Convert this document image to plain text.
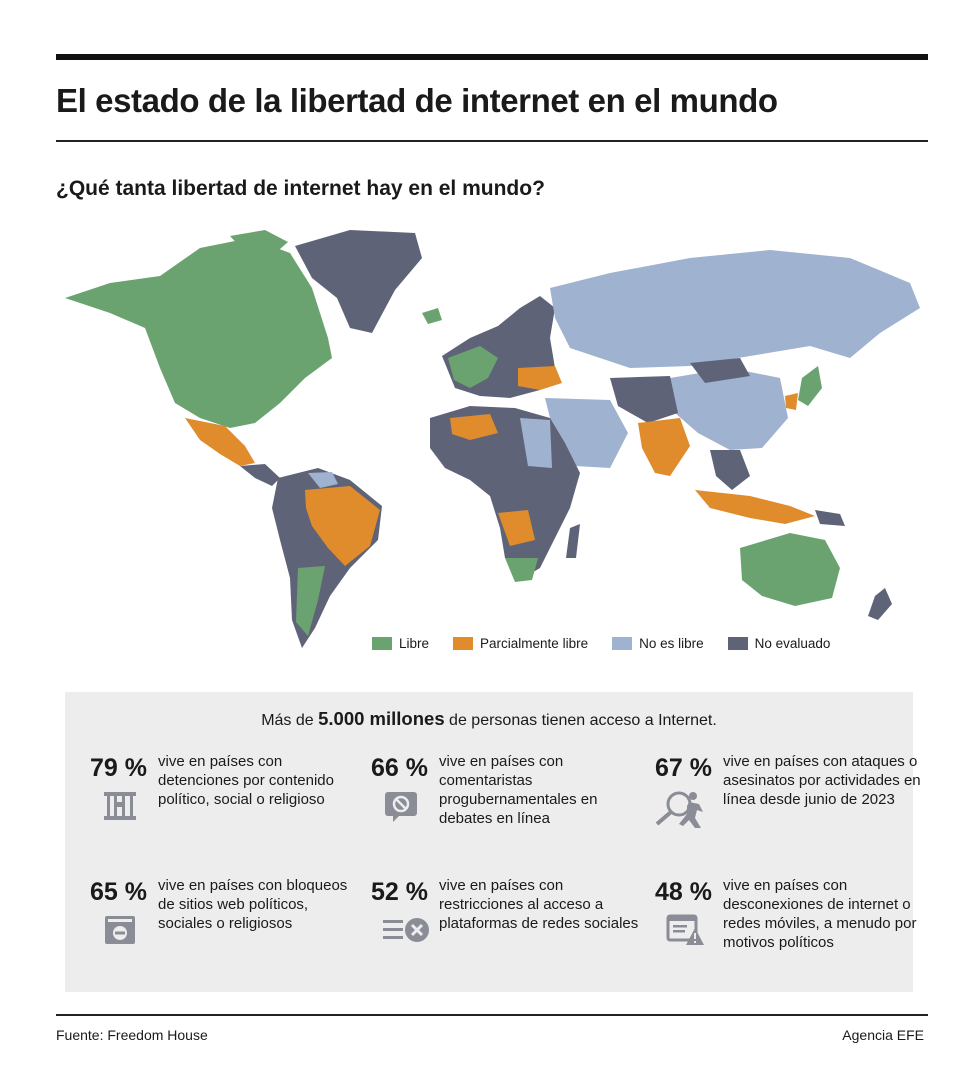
El estado de la libertad de internet en el mundo
¿Qué tanta libertad de internet hay en el mundo?
Libre	Parcialmente libre	No es libre	No evaluado
Más de 5.000 millones de personas tienen acceso a Internet.
79 % vive en países con detenciones por contenido político, social o religioso
66 % vive en países con comentaristas progubernamentales en debates en línea
67 % vive en países con ataques o asesinatos por actividades en línea desde junio de 2023
65 % vive en países con bloqueos de sitios web políticos, sociales o religiosos
52 % vive en países con restricciones al acceso a plataformas de redes sociales
48 % vive en países con desconexiones de internet o redes móviles, a menudo por motivos políticos
Fuente: Freedom House	Agencia EFE
